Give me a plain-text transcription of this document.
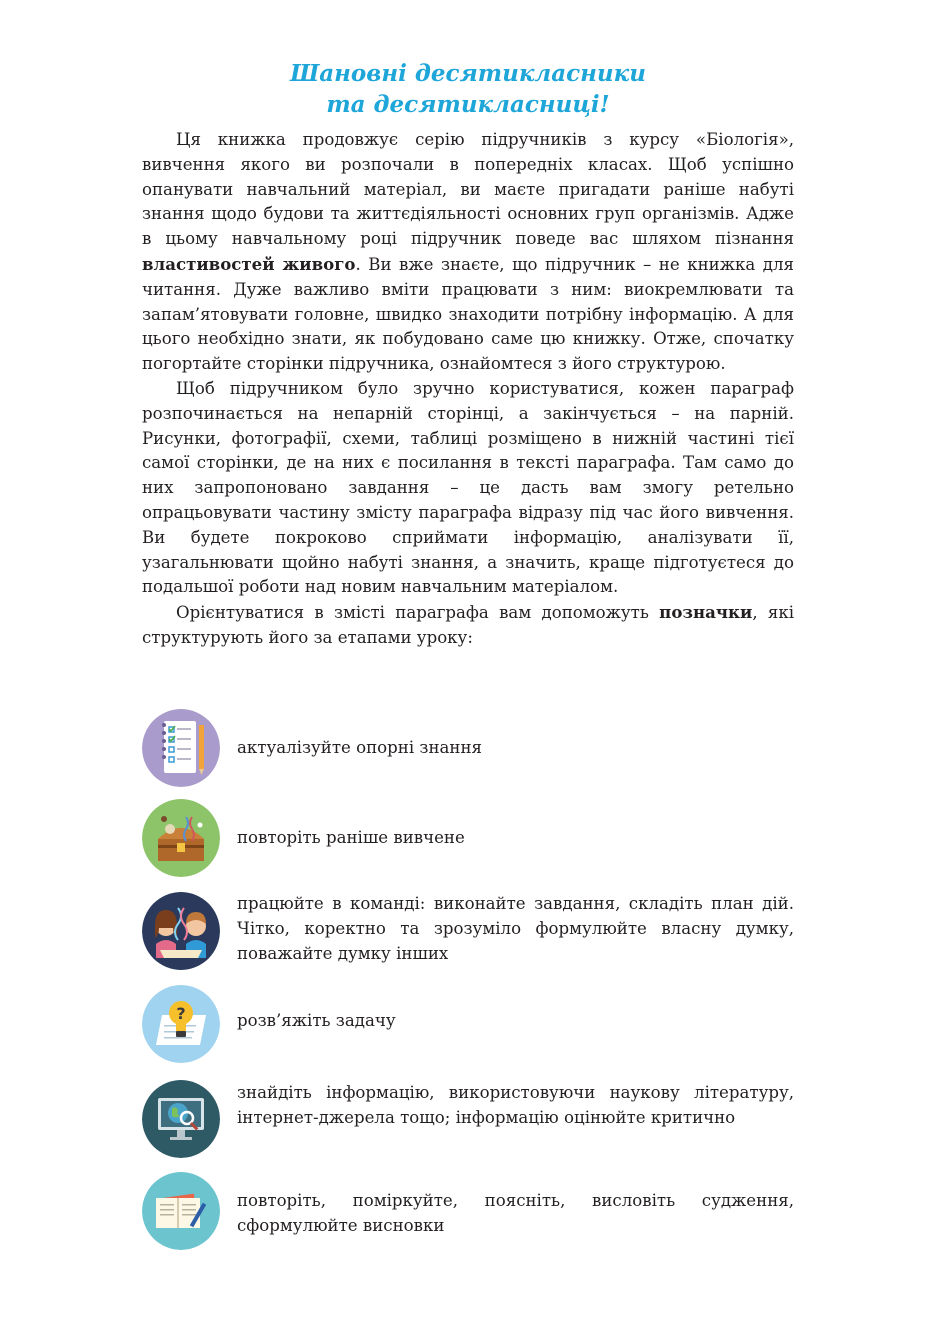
Шановні десятикласники
та десятикласниці!

Ця книжка продовжує серію підручників з курсу «Біологія», вивчення якого ви розпочали в попередніх класах. Щоб успішно опанувати навчальний матеріал, ви маєте пригадати раніше набуті знання щодо будови та життєдіяльності основних груп організмів. Адже в цьому навчальному році підручник поведе вас шляхом пізнання властивостей живого. Ви вже знаєте, що підручник – не книжка для читання. Дуже важливо вміти працювати з ним: виокремлювати та запам’ятовувати головне, швидко знаходити потрібну інформацію. А для цього необхідно знати, як побудовано саме цю книжку. Отже, спочатку погортайте сторінки підручника, ознайомтеся з його структурою.

Щоб підручником було зручно користуватися, кожен параграф розпочинається на непарній сторінці, а закінчується – на парній. Рисунки, фотографії, схеми, таблиці розміщено в нижній частині тієї самої сторінки, де на них є посилання в тексті параграфа. Там само до них запропоновано завдання – це дасть вам змогу ретельно опрацьовувати частину змісту параграфа відразу під час його вивчення. Ви будете покроково сприймати інформацію, аналізувати її, узагальнювати щойно набуті знання, а значить, краще підготуєтеся до подальшої роботи над новим навчальним матеріалом.

Орієнтуватися в змісті параграфа вам допоможуть позначки, які структурують його за етапами уроку:

актуалізуйте опорні знання
повторіть раніше вивчене
працюйте в команді: виконайте завдання, складіть план дій. Чітко, коректно та зрозуміло формулюйте власну думку, поважайте думку інших
?	розв’яжіть задачу
знайдіть інформацію, використовуючи наукову літературу, інтернет-джерела тощо; інформацію оцінюйте критично
повторіть, поміркуйте, поясніть, висловіть судження, сформулюйте висновки
